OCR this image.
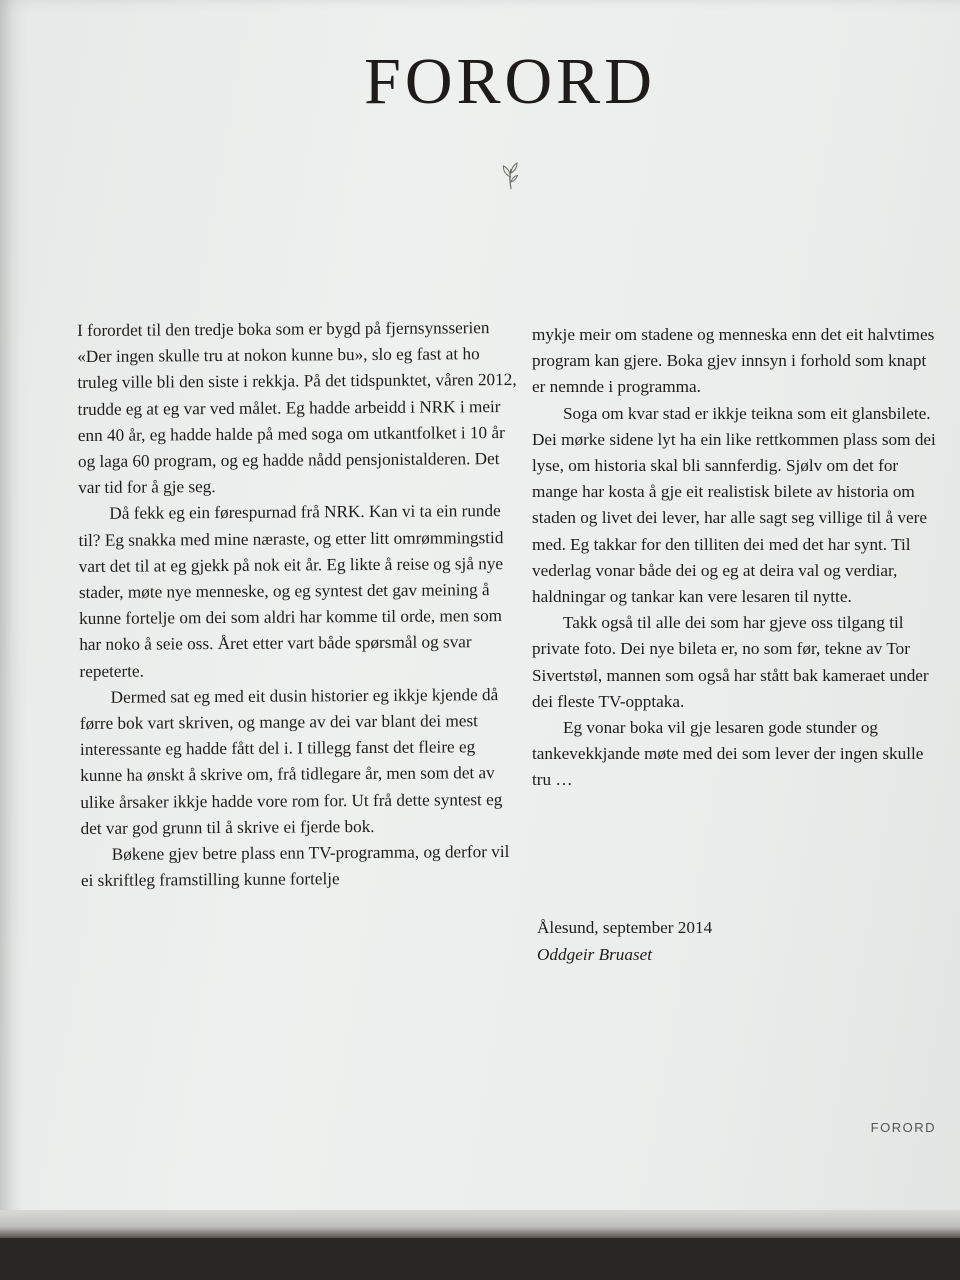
FORORD

I forordet til den tredje boka som er bygd på fjernsynsserien «Der ingen skulle tru at nokon kunne bu», slo eg fast at ho truleg ville bli den siste i rekkja. På det tidspunktet, våren 2012, trudde eg at eg var ved målet. Eg hadde arbeidd i NRK i meir enn 40 år, eg hadde halde på med soga om utkantfolket i 10 år og laga 60 program, og eg hadde nådd pensjonistalderen. Det var tid for å gje seg.

Då fekk eg ein førespurnad frå NRK. Kan vi ta ein runde til? Eg snakka med mine næraste, og etter litt omrømmingstid vart det til at eg gjekk på nok eit år. Eg likte å reise og sjå nye stader, møte nye menneske, og eg syntest det gav meining å kunne fortelje om dei som aldri har komme til orde, men som har noko å seie oss. Året etter vart både spørsmål og svar repeterte.

Dermed sat eg med eit dusin historier eg ikkje kjende då førre bok vart skriven, og mange av dei var blant dei mest interessante eg hadde fått del i. I tillegg fanst det fleire eg kunne ha ønskt å skrive om, frå tidlegare år, men som det av ulike årsaker ikkje hadde vore rom for. Ut frå dette syntest eg det var god grunn til å skrive ei fjerde bok.

Bøkene gjev betre plass enn TV-programma, og derfor vil ei skriftleg framstilling kunne fortelje

mykje meir om stadene og menneska enn det eit halvtimes program kan gjere. Boka gjev innsyn i forhold som knapt er nemnde i programma.

Soga om kvar stad er ikkje teikna som eit glansbilete. Dei mørke sidene lyt ha ein like rettkommen plass som dei lyse, om historia skal bli sannferdig. Sjølv om det for mange har kosta å gje eit realistisk bilete av historia om staden og livet dei lever, har alle sagt seg villige til å vere med. Eg takkar for den tilliten dei med det har synt. Til vederlag vonar både dei og eg at deira val og verdiar, haldningar og tankar kan vere lesaren til nytte.

Takk også til alle dei som har gjeve oss tilgang til private foto. Dei nye bileta er, no som før, tekne av Tor Sivertstøl, mannen som også har stått bak kameraet under dei fleste TV-opptaka.

Eg vonar boka vil gje lesaren gode stunder og tankevekkjande møte med dei som lever der ingen skulle tru …

Ålesund, september 2014
Oddgeir Bruaset
FORORD
